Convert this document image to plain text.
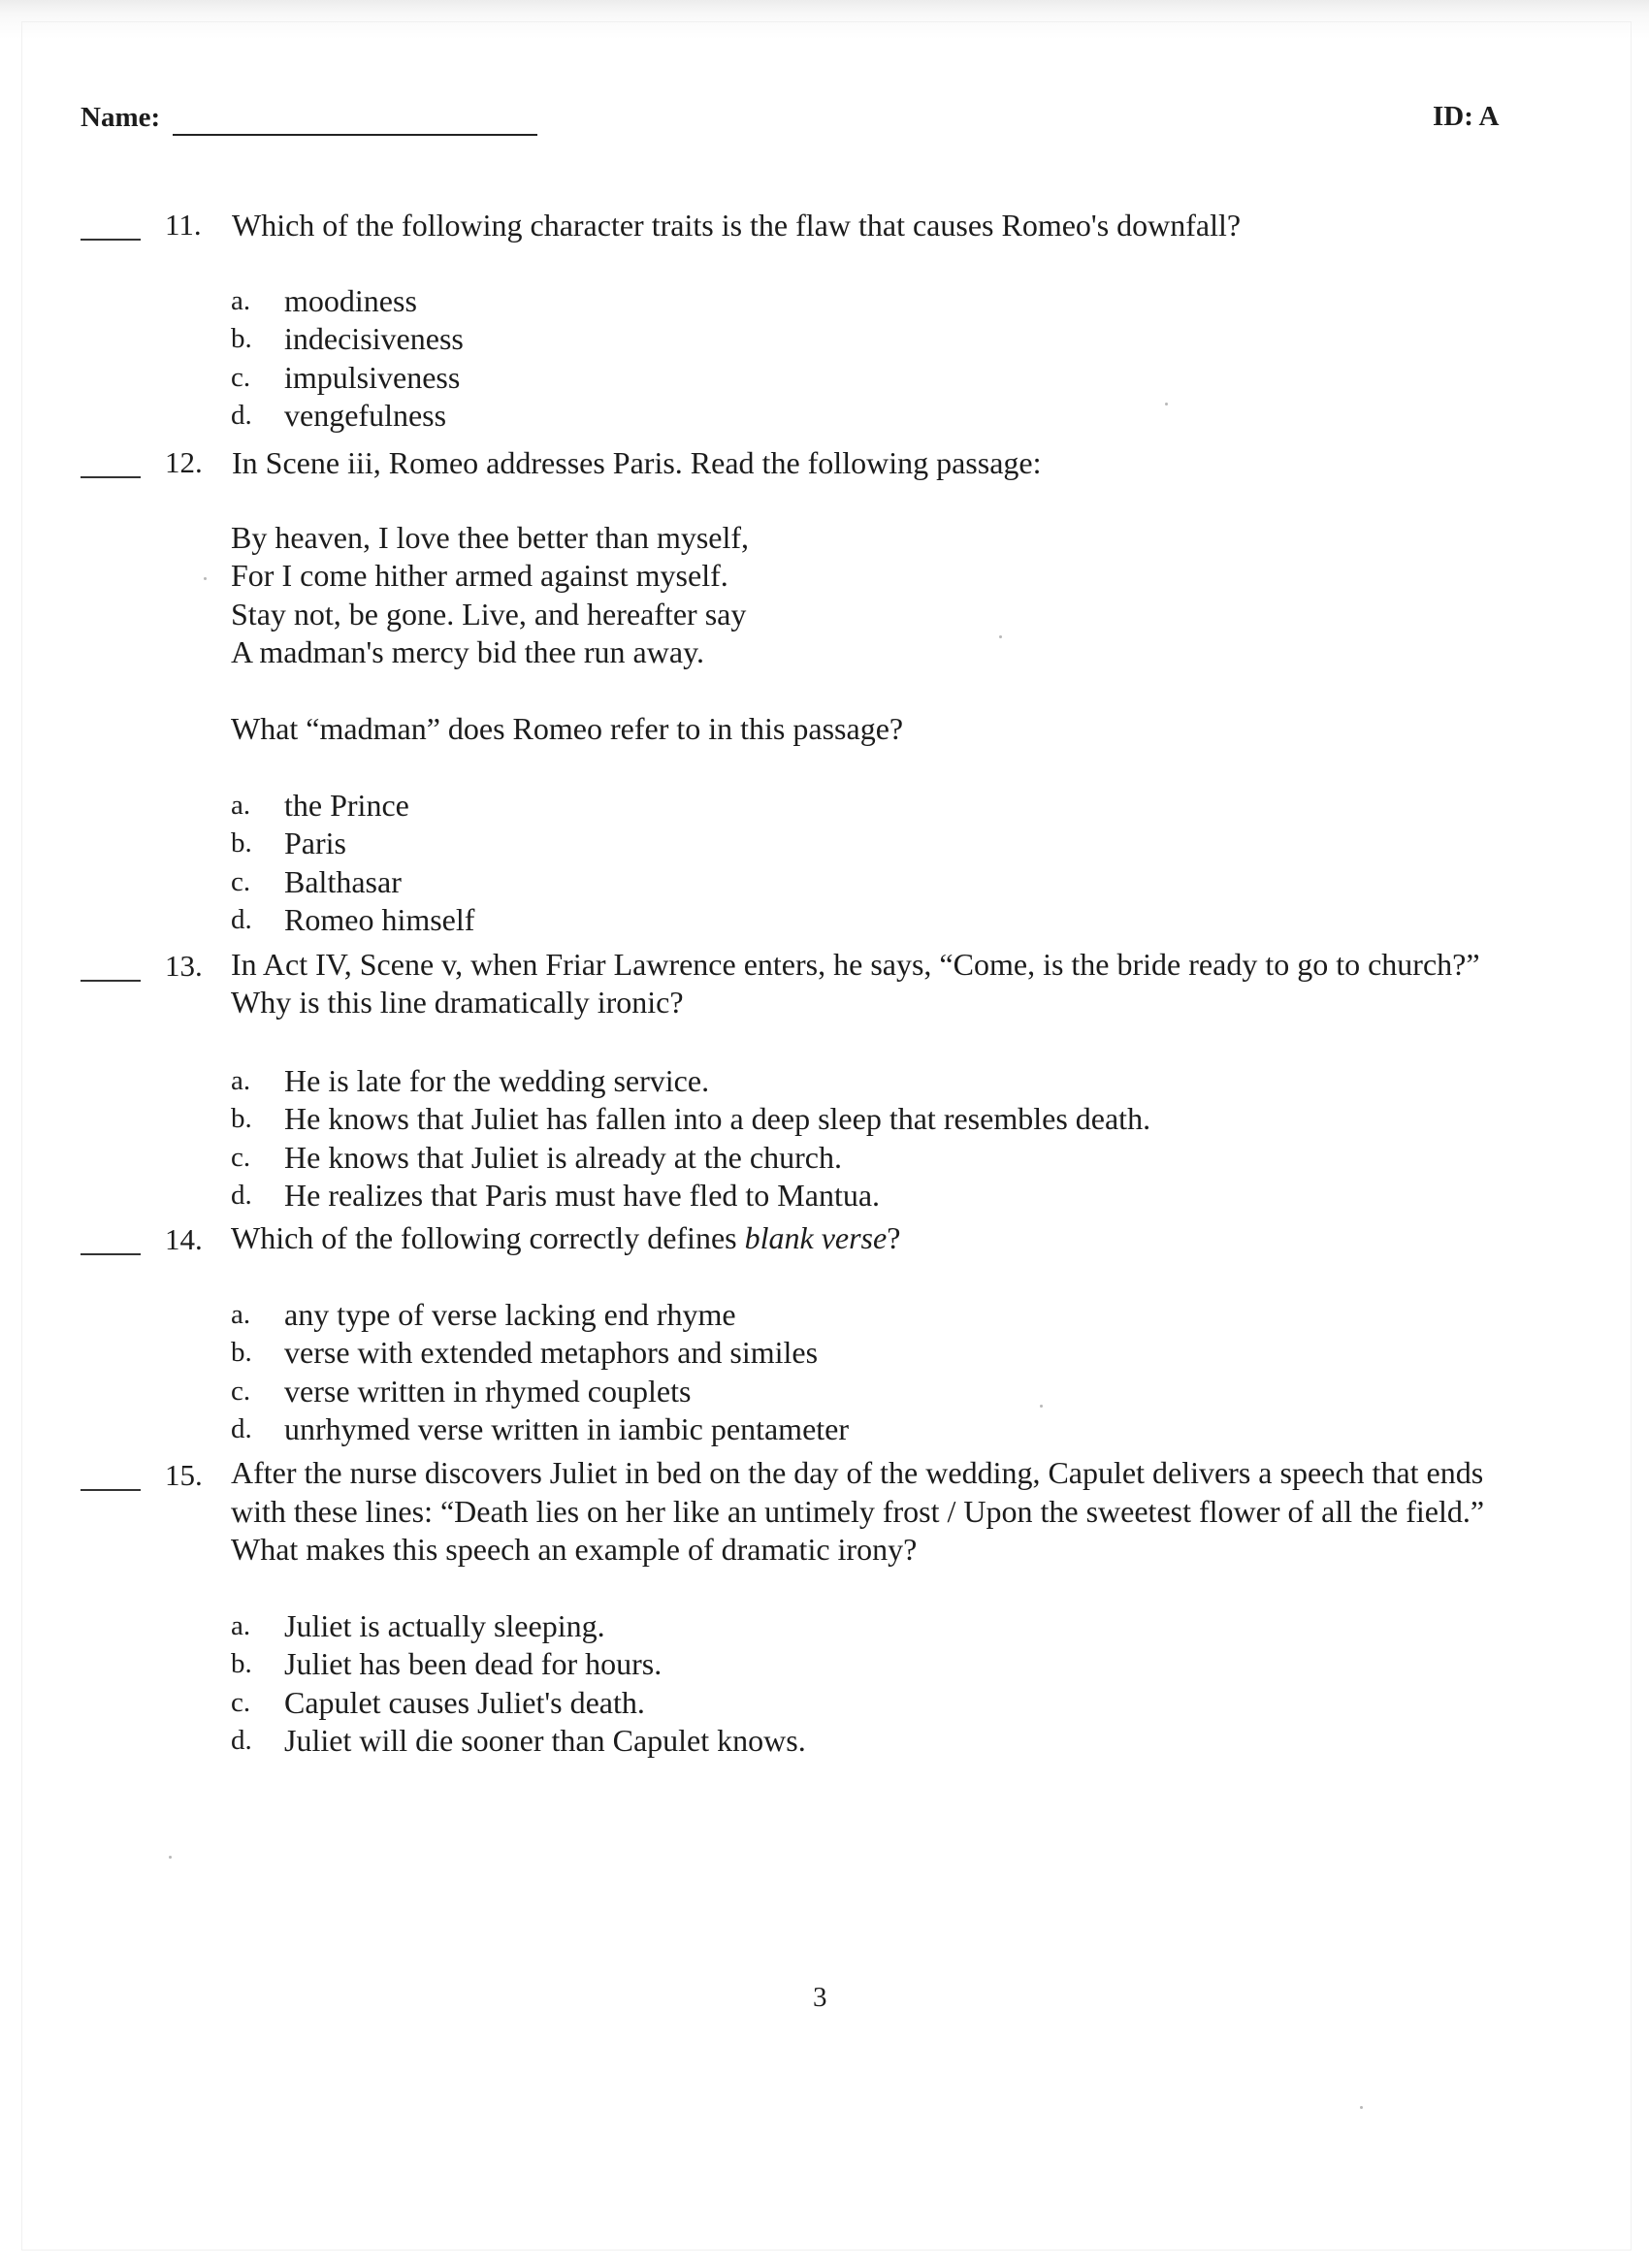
Name:	ID: A
11. Which of the following character traits is the flaw that causes Romeo's downfall?
a. moodiness
b. indecisiveness
c. impulsiveness
d. vengefulness
12. In Scene iii, Romeo addresses Paris. Read the following passage:
By heaven, I love thee better than myself,
For I come hither armed against myself.
Stay not, be gone. Live, and hereafter say
A madman's mercy bid thee run away.
What “madman” does Romeo refer to in this passage?
a. the Prince
b. Paris
c. Balthasar
d. Romeo himself
13. In Act IV, Scene v, when Friar Lawrence enters, he says, “Come, is the bride ready to go to church?”
Why is this line dramatically ironic?
a. He is late for the wedding service.
b. He knows that Juliet has fallen into a deep sleep that resembles death.
c. He knows that Juliet is already at the church.
d. He realizes that Paris must have fled to Mantua.
14. Which of the following correctly defines blank verse?
a. any type of verse lacking end rhyme
b. verse with extended metaphors and similes
c. verse written in rhymed couplets
d. unrhymed verse written in iambic pentameter
15. After the nurse discovers Juliet in bed on the day of the wedding, Capulet delivers a speech that ends
with these lines: “Death lies on her like an untimely frost / Upon the sweetest flower of all the field.”
What makes this speech an example of dramatic irony?
a. Juliet is actually sleeping.
b. Juliet has been dead for hours.
c. Capulet causes Juliet's death.
d. Juliet will die sooner than Capulet knows.
3
